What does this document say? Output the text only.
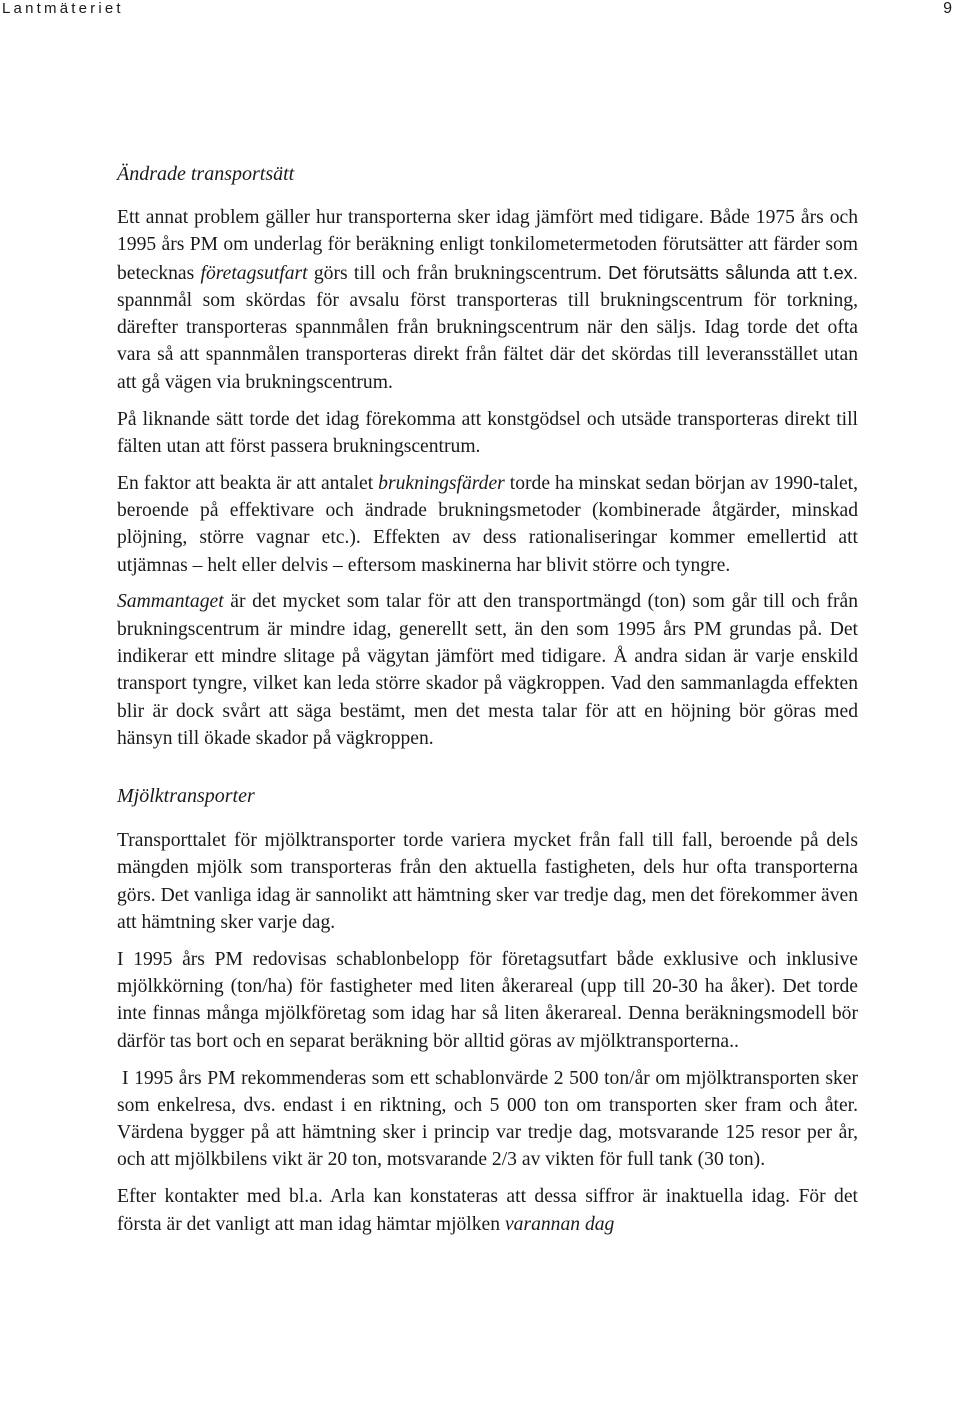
Lantmäteriet	9
Ändrade transportsätt

Ett annat problem gäller hur transporterna sker idag jämfört med tidigare. Både 1975 års och 1995 års PM om underlag för beräkning enligt tonkilometermetoden förutsätter att färder som betecknas företagsutfart görs till och från brukningscentrum. Det förutsätts sålunda att t.ex. spannmål som skördas för avsalu först transporteras till brukningscentrum för torkning, därefter transporteras spannmålen från brukningscentrum när den säljs. Idag torde det ofta vara så att spannmålen transporteras direkt från fältet där det skördas till leveransstället utan att gå vägen via brukningscentrum.

På liknande sätt torde det idag förekomma att konstgödsel och utsäde transporteras direkt till fälten utan att först passera brukningscentrum.

En faktor att beakta är att antalet brukningsfärder torde ha minskat sedan början av 1990-talet, beroende på effektivare och ändrade brukningsmetoder (kombinerade åtgärder, minskad plöjning, större vagnar etc.). Effekten av dess rationaliseringar kommer emellertid att utjämnas – helt eller delvis – eftersom maskinerna har blivit större och tyngre.

Sammantaget är det mycket som talar för att den transportmängd (ton) som går till och från brukningscentrum är mindre idag, generellt sett, än den som 1995 års PM grundas på. Det indikerar ett mindre slitage på vägytan jämfört med tidigare. Å andra sidan är varje enskild transport tyngre, vilket kan leda större skador på vägkroppen. Vad den sammanlagda effekten blir är dock svårt att säga bestämt, men det mesta talar för att en höjning bör göras med hänsyn till ökade skador på vägkroppen.

Mjölktransporter

Transporttalet för mjölktransporter torde variera mycket från fall till fall, beroende på dels mängden mjölk som transporteras från den aktuella fastigheten, dels hur ofta transporterna görs. Det vanliga idag är sannolikt att hämtning sker var tredje dag, men det förekommer även att hämtning sker varje dag.

I 1995 års PM redovisas schablonbelopp för företagsutfart både exklusive och inklusive mjölkkörning (ton/ha) för fastigheter med liten åkerareal (upp till 20-30 ha åker). Det torde inte finnas många mjölkföretag som idag har så liten åkerareal. Denna beräkningsmodell bör därför tas bort och en separat beräkning bör alltid göras av mjölktransporterna..

I 1995 års PM rekommenderas som ett schablonvärde 2 500 ton/år om mjölktransporten sker som enkelresa, dvs. endast i en riktning, och 5 000 ton om transporten sker fram och åter. Värdena bygger på att hämtning sker i princip var tredje dag, motsvarande 125 resor per år, och att mjölkbilens vikt är 20 ton, motsvarande 2/3 av vikten för full tank (30 ton).

Efter kontakter med bl.a. Arla kan konstateras att dessa siffror är inaktuella idag. För det första är det vanligt att man idag hämtar mjölken varannan dag
